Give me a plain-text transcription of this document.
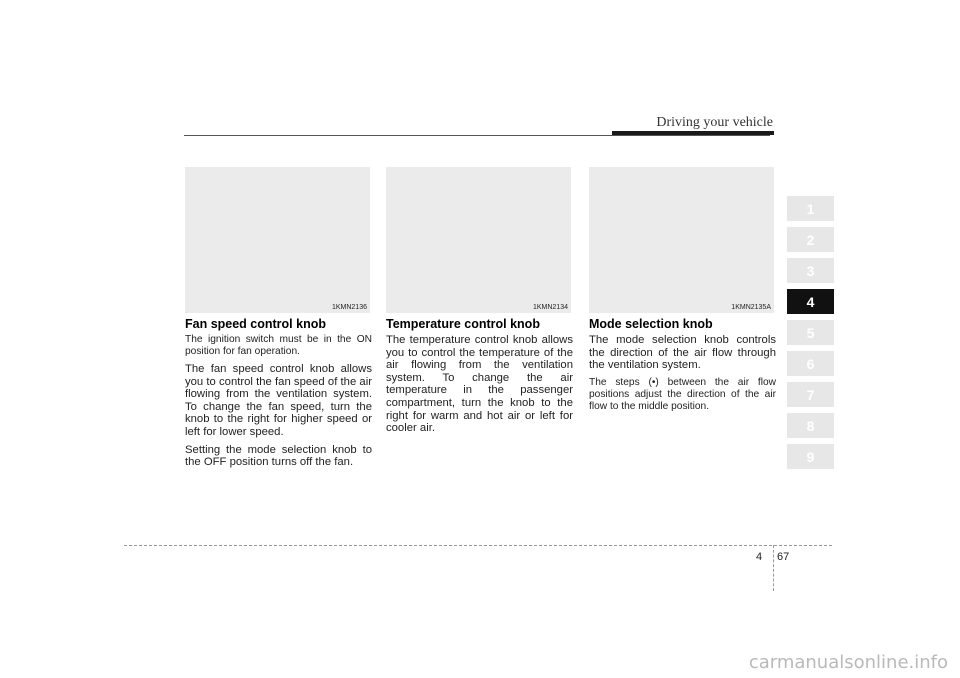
Driving your vehicle
1KMN2136
Fan speed control knob

The ignition switch must be in the ON position for fan operation.

The fan speed control knob allows you to control the fan speed of the air flowing from the ventilation system. To change the fan speed, turn the knob to the right for higher speed or left for lower speed.

Setting the mode selection knob to the OFF position turns off the fan.

1KMN2134
Temperature control knob

The temperature control knob allows you to control the temperature of the air flowing from the ventilation system. To change the air temperature in the passenger compartment, turn the knob to the right for warm and hot air or left for cooler air.

1KMN2135A
Mode selection knob

The mode selection knob controls the direction of the air flow through the ventilation system.

The steps (•) between the air flow positions adjust the direction of the air flow to the middle position.

1
2
3
4
5
6
7
8
9
4 67
carmanualsonline.info
